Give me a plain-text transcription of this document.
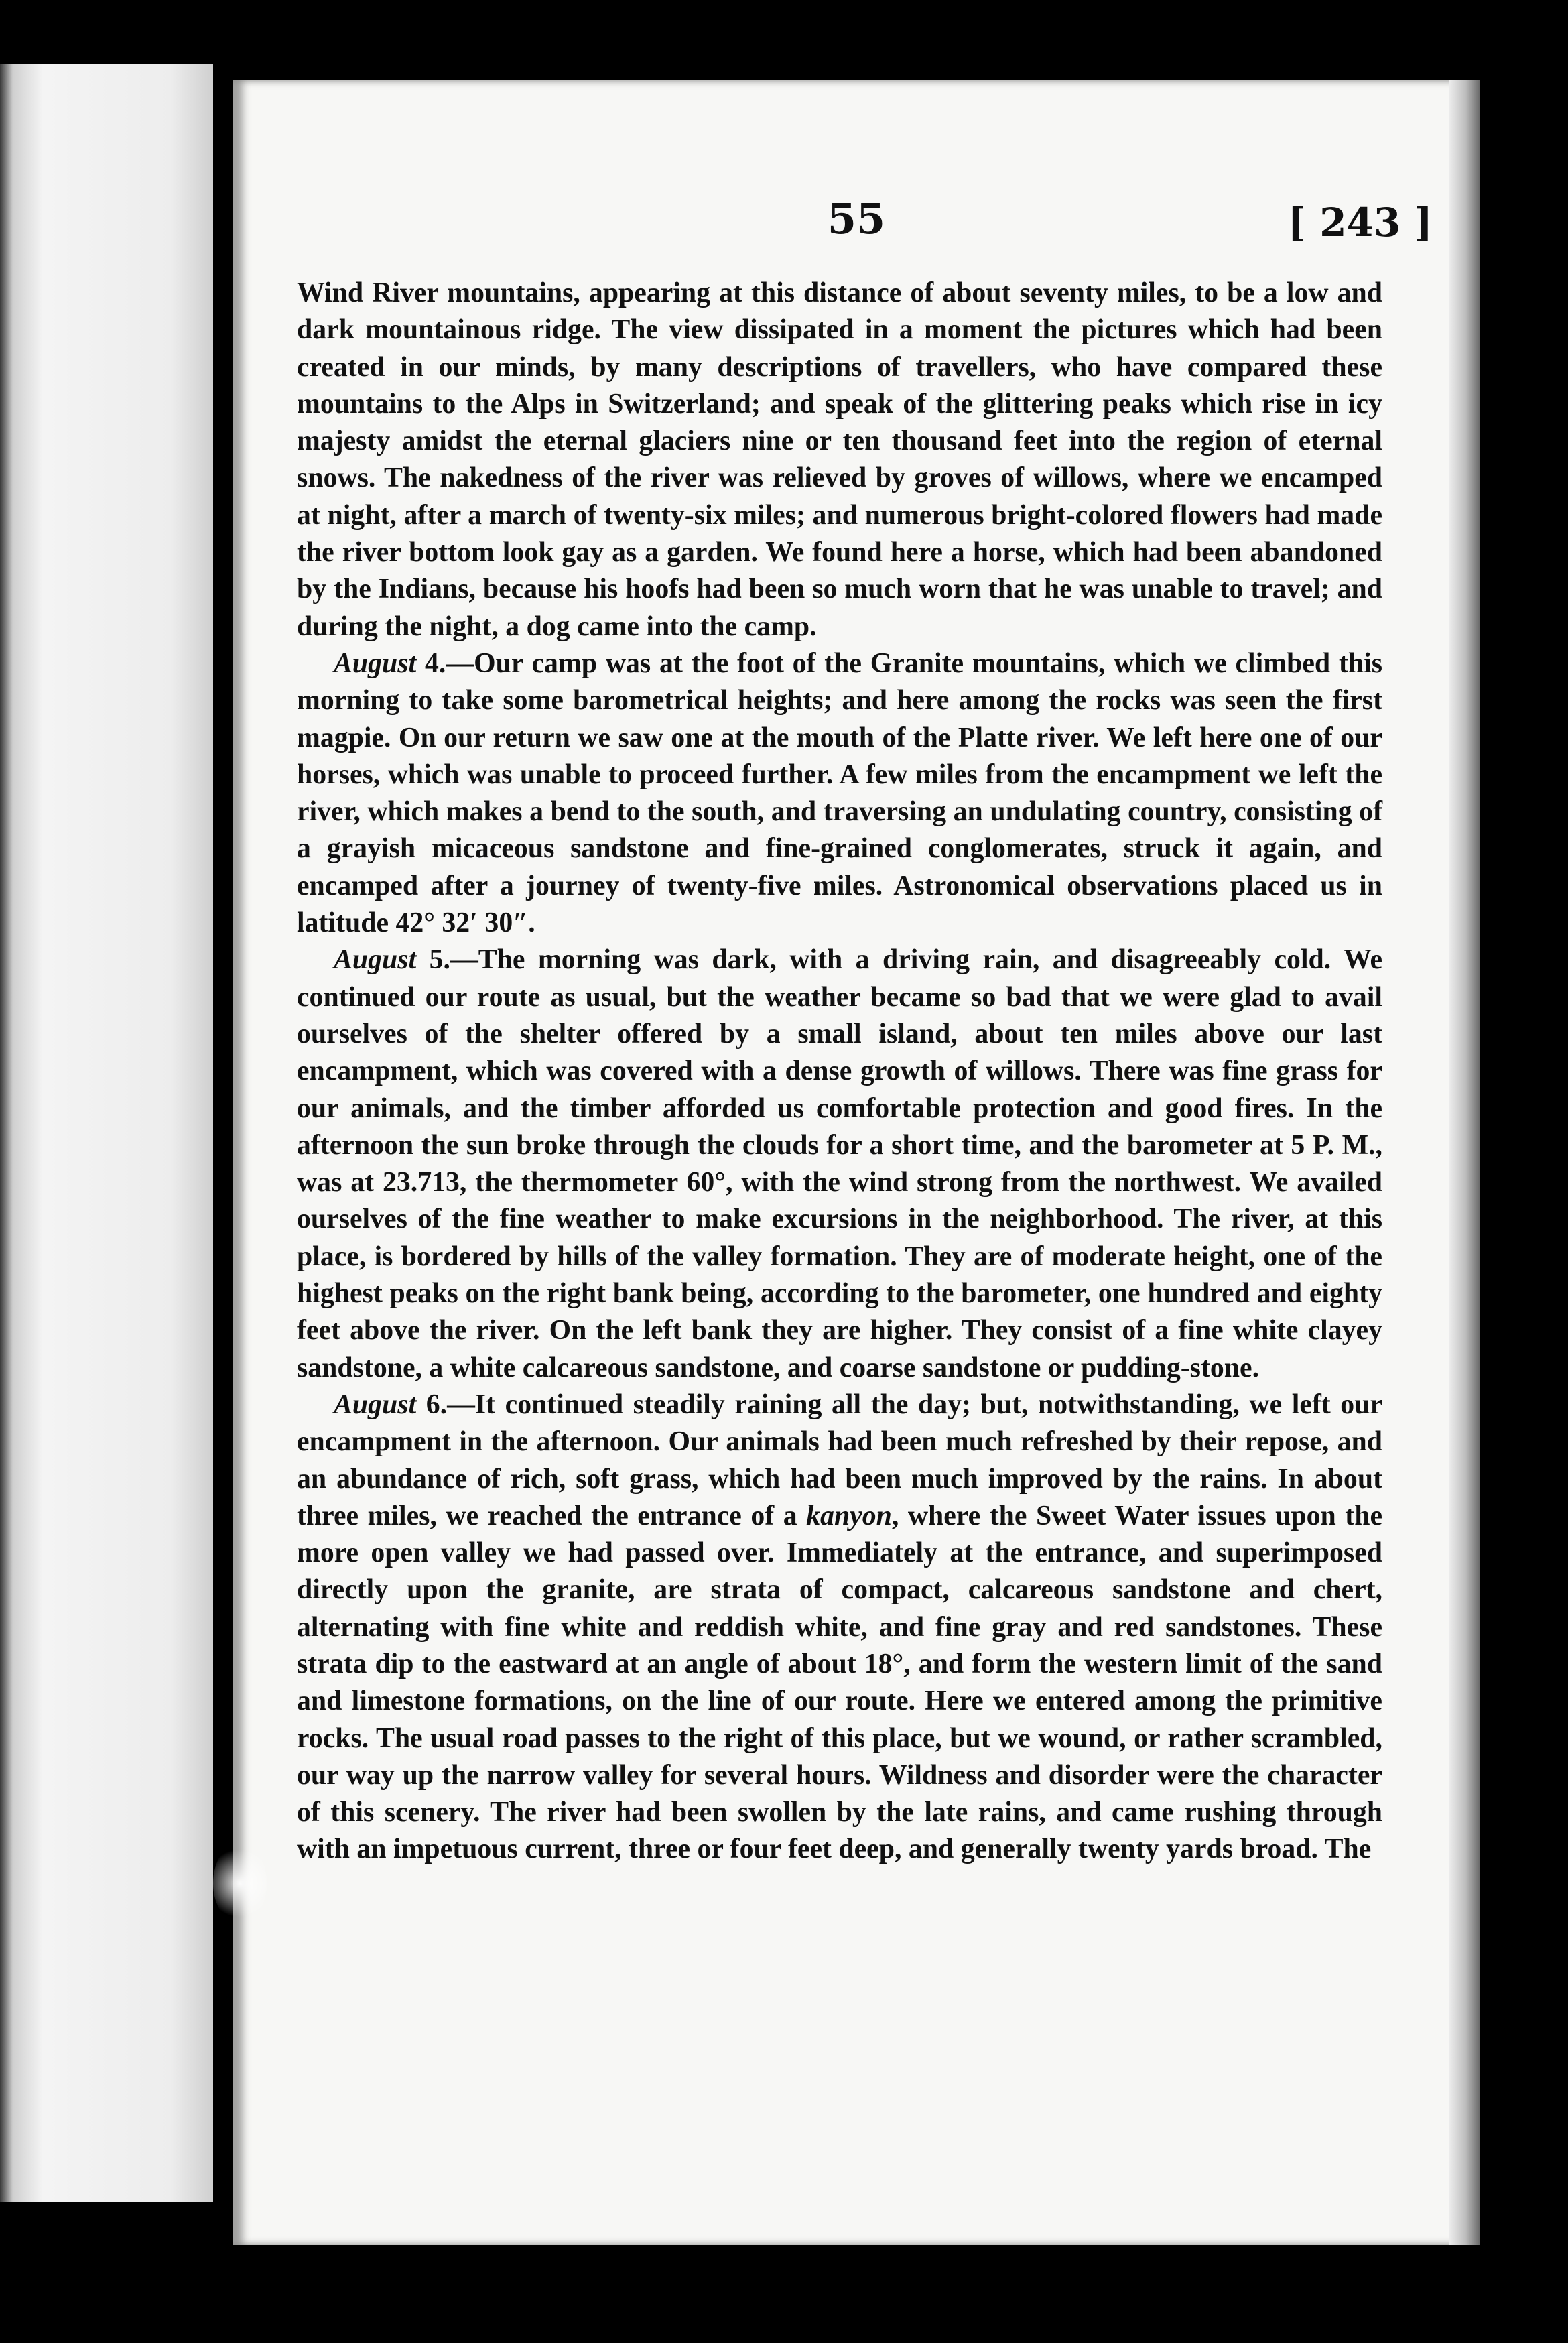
55	[ 243 ]

Wind River mountains, appearing at this distance of about seventy miles, to be a low and dark mountainous ridge. The view dissipated in a moment the pictures which had been created in our minds, by many descriptions of travellers, who have compared these mountains to the Alps in Switzerland; and speak of the glittering peaks which rise in icy majesty amidst the eternal glaciers nine or ten thousand feet into the region of eternal snows. The nakedness of the river was relieved by groves of willows, where we encamped at night, after a march of twenty-six miles; and numerous bright-colored flowers had made the river bottom look gay as a garden. We found here a horse, which had been abandoned by the Indians, because his hoofs had been so much worn that he was unable to travel; and during the night, a dog came into the camp.

August 4.—Our camp was at the foot of the Granite mountains, which we climbed this morning to take some barometrical heights; and here among the rocks was seen the first magpie. On our return we saw one at the mouth of the Platte river. We left here one of our horses, which was unable to proceed further. A few miles from the encampment we left the river, which makes a bend to the south, and traversing an undulating country, consisting of a grayish micaceous sandstone and fine-grained conglomerates, struck it again, and encamped after a journey of twenty-five miles. Astronomical observations placed us in latitude 42° 32′ 30″.

August 5.—The morning was dark, with a driving rain, and disagreeably cold. We continued our route as usual, but the weather became so bad that we were glad to avail ourselves of the shelter offered by a small island, about ten miles above our last encampment, which was covered with a dense growth of willows. There was fine grass for our animals, and the timber afforded us comfortable protection and good fires. In the afternoon the sun broke through the clouds for a short time, and the barometer at 5 P. M., was at 23.713, the thermometer 60°, with the wind strong from the northwest. We availed ourselves of the fine weather to make excursions in the neighborhood. The river, at this place, is bordered by hills of the valley formation. They are of moderate height, one of the highest peaks on the right bank being, according to the barometer, one hundred and eighty feet above the river. On the left bank they are higher. They consist of a fine white clayey sandstone, a white calcareous sandstone, and coarse sandstone or pudding-stone.

August 6.—It continued steadily raining all the day; but, notwithstanding, we left our encampment in the afternoon. Our animals had been much refreshed by their repose, and an abundance of rich, soft grass, which had been much improved by the rains. In about three miles, we reached the entrance of a kanyon, where the Sweet Water issues upon the more open valley we had passed over. Immediately at the entrance, and superimposed directly upon the granite, are strata of compact, calcareous sandstone and chert, alternating with fine white and reddish white, and fine gray and red sandstones. These strata dip to the eastward at an angle of about 18°, and form the western limit of the sand and limestone formations, on the line of our route. Here we entered among the primitive rocks. The usual road passes to the right of this place, but we wound, or rather scrambled, our way up the narrow valley for several hours. Wildness and disorder were the character of this scenery. The river had been swollen by the late rains, and came rushing through with an impetuous current, three or four feet deep, and generally twenty yards broad. The
